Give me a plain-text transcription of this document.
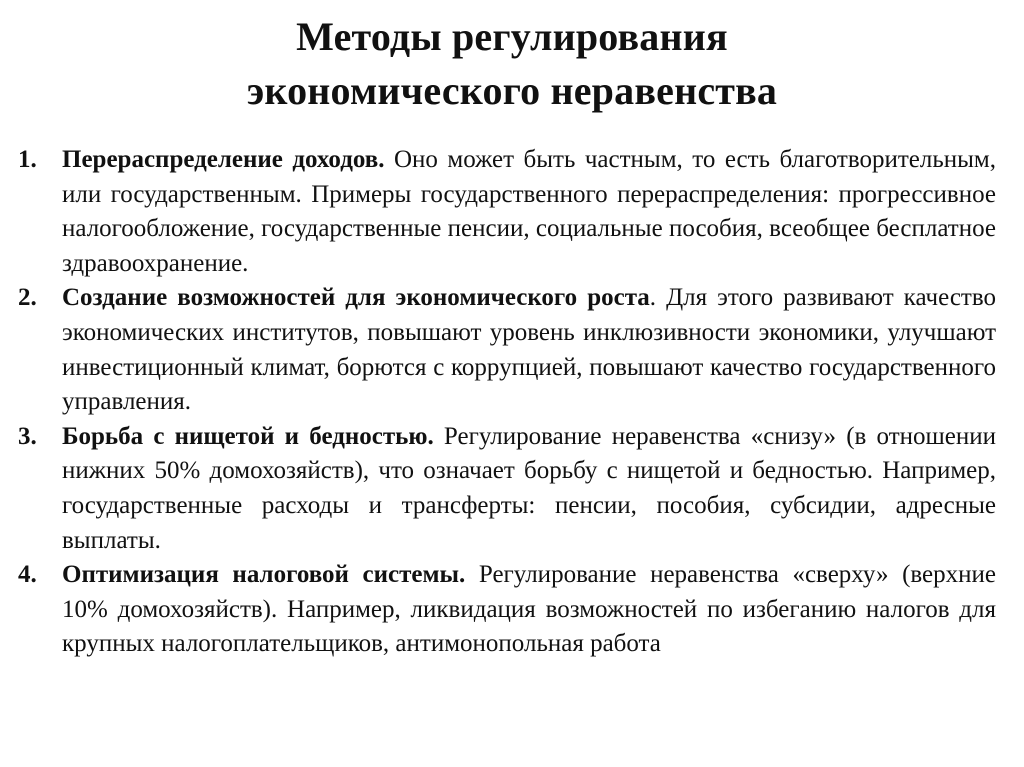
Методы регулирования
экономического неравенства
1. Перераспределение доходов. Оно может быть частным, то есть благотворительным, или государственным. Примеры государственного перераспределения: прогрессивное налогообложение, государственные пенсии, социальные пособия, всеобщее бесплатное здравоохранение.
2. Создание возможностей для экономического роста. Для этого развивают качество экономических институтов, повышают уровень инклюзивности экономики, улучшают инвестиционный климат, борются с коррупцией, повышают качество государственного управления.
3. Борьба с нищетой и бедностью. Регулирование неравенства «снизу» (в отношении нижних 50% домохозяйств), что означает борьбу с нищетой и бедностью. Например, государственные расходы и трансферты: пенсии, пособия, субсидии, адресные выплаты.
4. Оптимизация налоговой системы. Регулирование неравенства «сверху» (верхние 10% домохозяйств). Например, ликвидация возможностей по избеганию налогов для крупных налогоплательщиков, антимонопольная работа
